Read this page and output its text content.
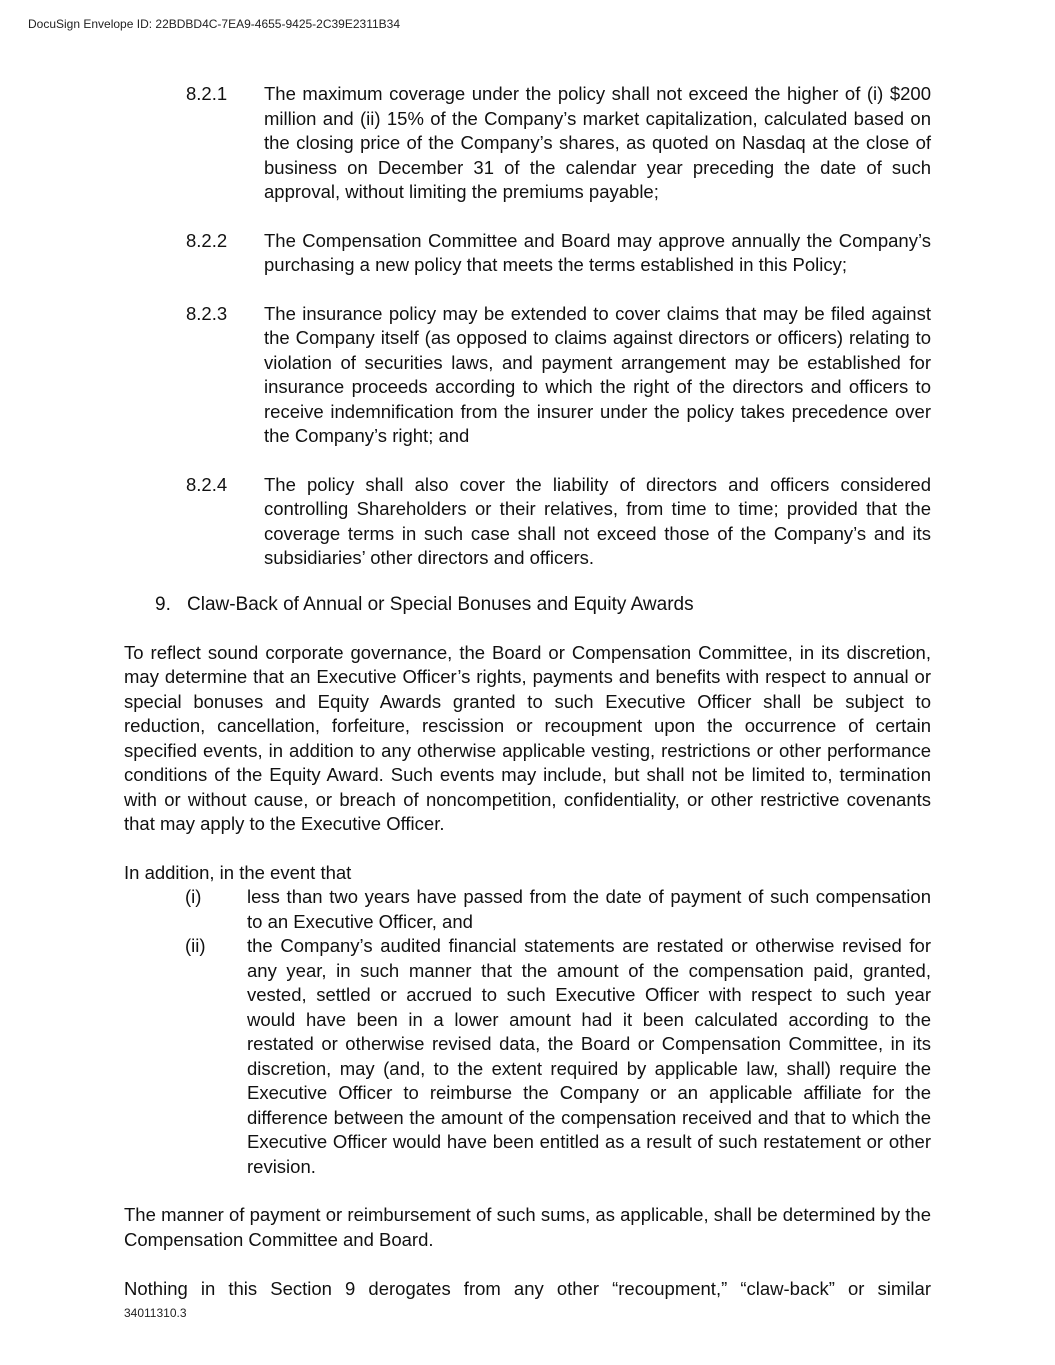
DocuSign Envelope ID: 22BDBD4C-7EA9-4655-9425-2C39E2311B34
8.2.1	The maximum coverage under the policy shall not exceed the higher of (i) $200 million and (ii) 15% of the Company’s market capitalization, calculated based on the closing price of the Company’s shares, as quoted on Nasdaq at the close of business on December 31 of the calendar year preceding the date of such approval, without limiting the premiums payable;
8.2.2	The Compensation Committee and Board may approve annually the Company’s purchasing a new policy that meets the terms established in this Policy;
8.2.3	The insurance policy may be extended to cover claims that may be filed against the Company itself (as opposed to claims against directors or officers) relating to violation of securities laws, and payment arrangement may be established for insurance proceeds according to which the right of the directors and officers to receive indemnification from the insurer under the policy takes precedence over the Company’s right; and
8.2.4	The policy shall also cover the liability of directors and officers considered controlling Shareholders or their relatives, from time to time; provided that the coverage terms in such case shall not exceed those of the Company’s and its subsidiaries’ other directors and officers.
9. Claw-Back of Annual or Special Bonuses and Equity Awards
To reflect sound corporate governance, the Board or Compensation Committee, in its discretion, may determine that an Executive Officer’s rights, payments and benefits with respect to annual or special bonuses and Equity Awards granted to such Executive Officer shall be subject to reduction, cancellation, forfeiture, rescission or recoupment upon the occurrence of certain specified events, in addition to any otherwise applicable vesting, restrictions or other performance conditions of the Equity Award. Such events may include, but shall not be limited to, termination with or without cause, or breach of noncompetition, confidentiality, or other restrictive covenants that may apply to the Executive Officer.
In addition, in the event that
(i)	less than two years have passed from the date of payment of such compensation to an Executive Officer, and
(ii)	the Company’s audited financial statements are restated or otherwise revised for any year, in such manner that the amount of the compensation paid, granted, vested, settled or accrued to such Executive Officer with respect to such year would have been in a lower amount had it been calculated according to the restated or otherwise revised data, the Board or Compensation Committee, in its discretion, may (and, to the extent required by applicable law, shall) require the Executive Officer to reimburse the Company or an applicable affiliate for the difference between the amount of the compensation received and that to which the Executive Officer would have been entitled as a result of such restatement or other revision.
The manner of payment or reimbursement of such sums, as applicable, shall be determined by the Compensation Committee and Board.
Nothing in this Section 9 derogates from any other “recoupment,” “claw-back” or similar
34011310.3
